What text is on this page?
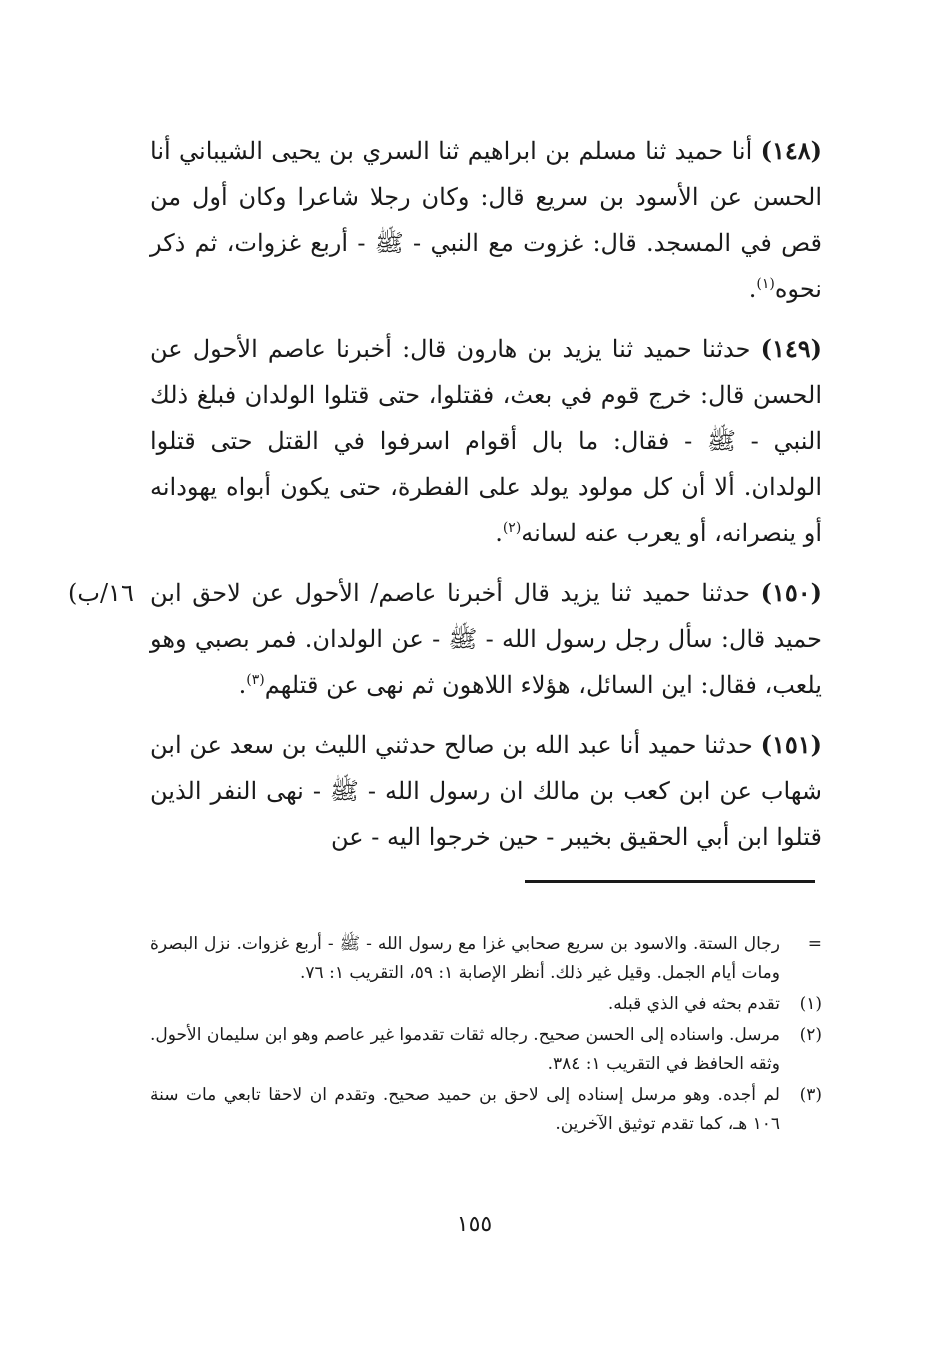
(١٤٨) أنا حميد ثنا مسلم بن ابراهيم ثنا السري بن يحيى الشيباني أنا الحسن عن الأسود بن سريع قال: وكان رجلا شاعرا وكان أول من قص في المسجد. قال: غزوت مع النبي - ﷺ - أربع غزوات، ثم ذكر نحوه$^{(١)}$.

(١٤٩) حدثنا حميد ثنا يزيد بن هارون قال: أخبرنا عاصم الأحول عن الحسن قال: خرج قوم في بعث، فقتلوا، حتى قتلوا الولدان فبلغ ذلك النبي - ﷺ - فقال: ما بال أقوام اسرفوا في القتل حتى قتلوا الولدان. ألا أن كل مولود يولد على الفطرة، حتى يكون أبواه يهودانه أو ينصرانه، أو يعرب عنه لسانه$^{(٢)}$.

١٦/ب)	(١٥٠) حدثنا حميد ثنا يزيد قال أخبرنا عاصم/ الأحول عن لاحق ابن حميد قال: سأل رجل رسول الله - ﷺ - عن الولدان. فمر بصبي وهو يلعب، فقال: اين السائل، هؤلاء اللاهون ثم نهى عن قتلهم$^{(٣)}$.

(١٥١) حدثنا حميد أنا عبد الله بن صالح حدثني الليث بن سعد عن ابن شهاب عن ابن كعب بن مالك ان رسول الله - ﷺ - نهى النفر الذين قتلوا ابن أبي الحقيق بخيبر - حين خرجوا اليه - عن

=
رجال الستة. والاسود بن سريع صحابي غزا مع رسول الله - ﷺ - أربع غزوات. نزل البصرة ومات أيام الجمل. وقيل غير ذلك. أنظر الإصابة ١: ٥٩، التقريب ١: ٧٦.
(١)
تقدم بحثه في الذي قبله.
(٢)
مرسل. واسناده إلى الحسن صحيح. رجاله ثقات تقدموا غير عاصم وهو ابن سليمان الأحول. وثقه الحافظ في التقريب ١: ٣٨٤.
(٣)
لم أجده. وهو مرسل إسناده إلى لاحق بن حميد صحيح. وتقدم ان لاحقا تابعي مات سنة ١٠٦ هـ، كما تقدم توثيق الآخرين.
١٥٥
